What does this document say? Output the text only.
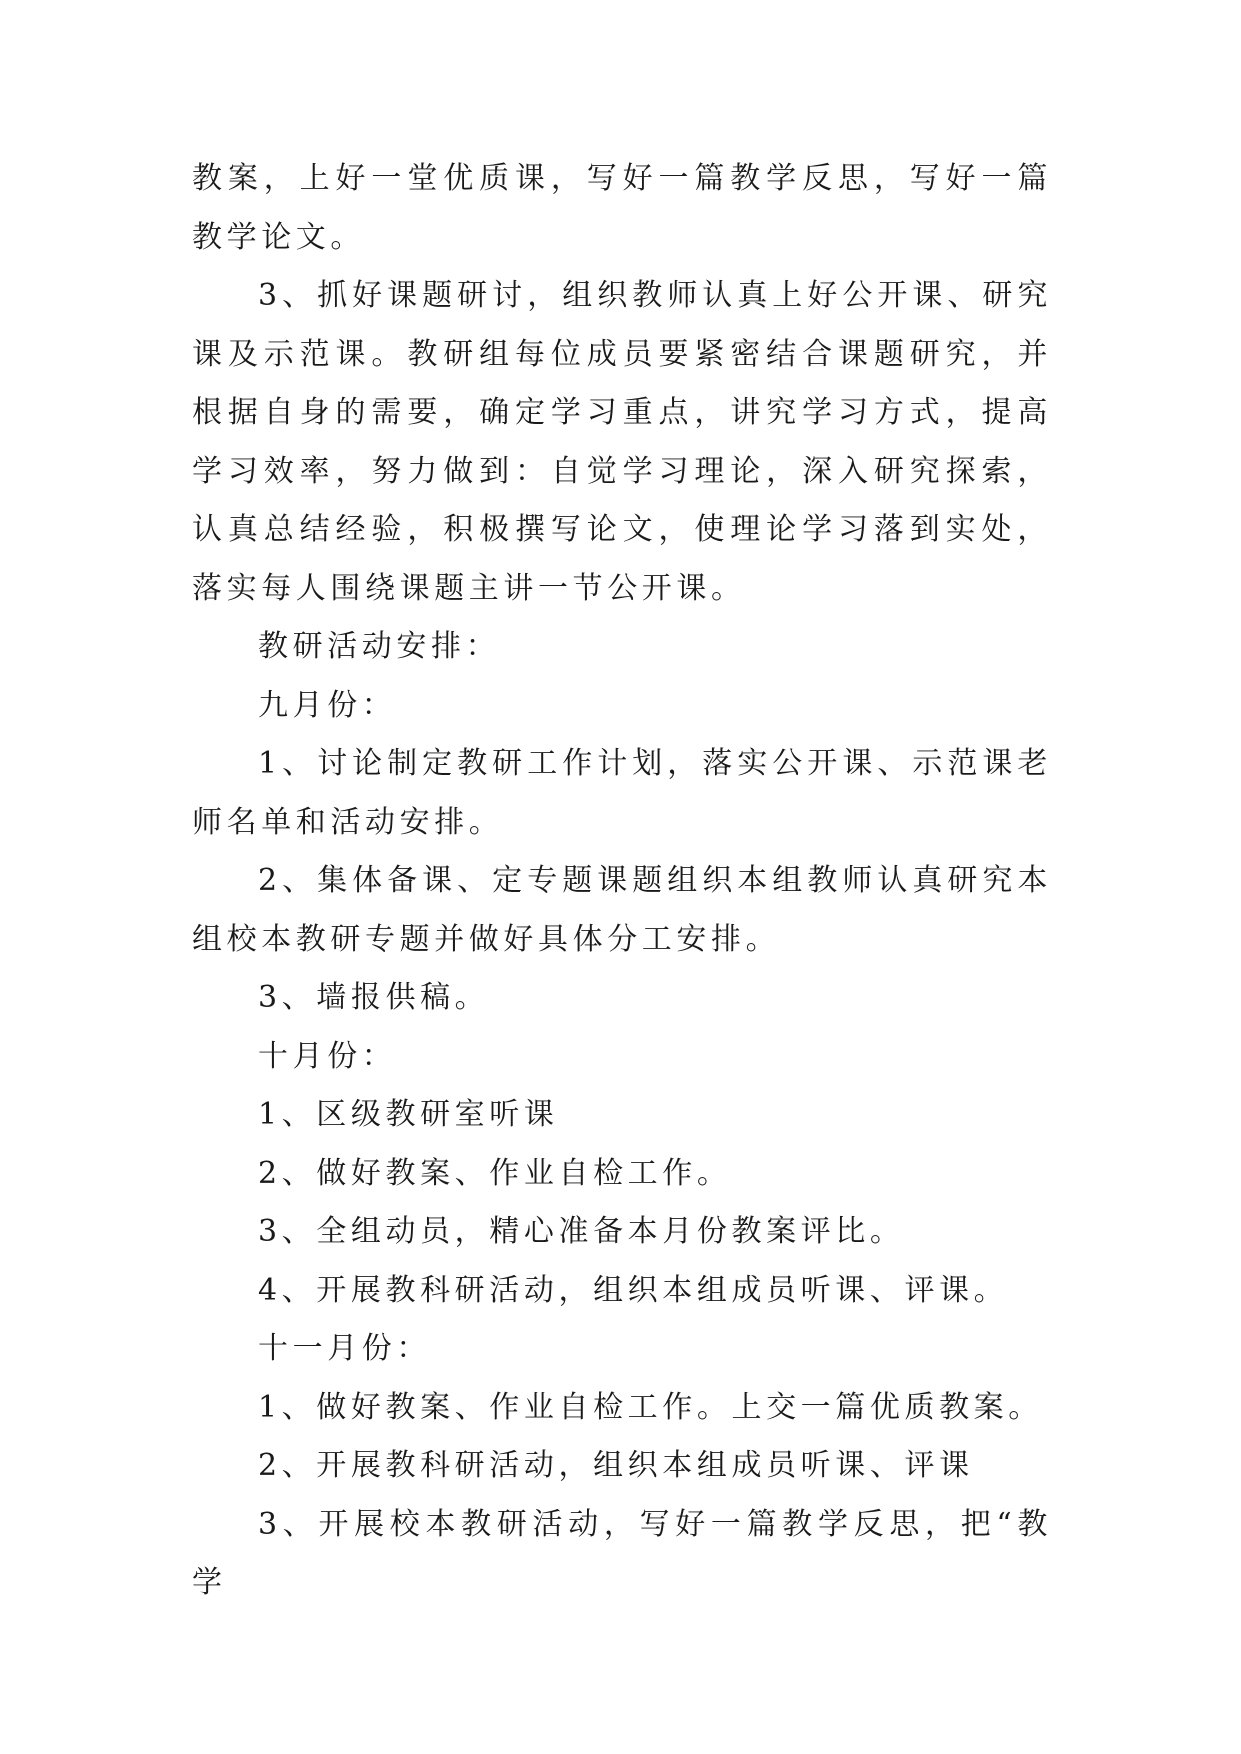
教案，上好一堂优质课，写好一篇教学反思，写好一篇教学论文。

3、抓好课题研讨，组织教师认真上好公开课、研究课及示范课。教研组每位成员要紧密结合课题研究，并根据自身的需要，确定学习重点，讲究学习方式，提高学习效率，努力做到：自觉学习理论，深入研究探索，认真总结经验，积极撰写论文，使理论学习落到实处，落实每人围绕课题主讲一节公开课。

教研活动安排：

九月份：

1、讨论制定教研工作计划，落实公开课、示范课老师名单和活动安排。

2、集体备课、定专题课题组织本组教师认真研究本组校本教研专题并做好具体分工安排。

3、墙报供稿。

十月份：

1、区级教研室听课

2、做好教案、作业自检工作。

3、全组动员，精心准备本月份教案评比。

4、开展教科研活动，组织本组成员听课、评课。

十一月份：

1、做好教案、作业自检工作。上交一篇优质教案。

2、开展教科研活动，组织本组成员听课、评课

3、开展校本教研活动，写好一篇教学反思，把“教学
